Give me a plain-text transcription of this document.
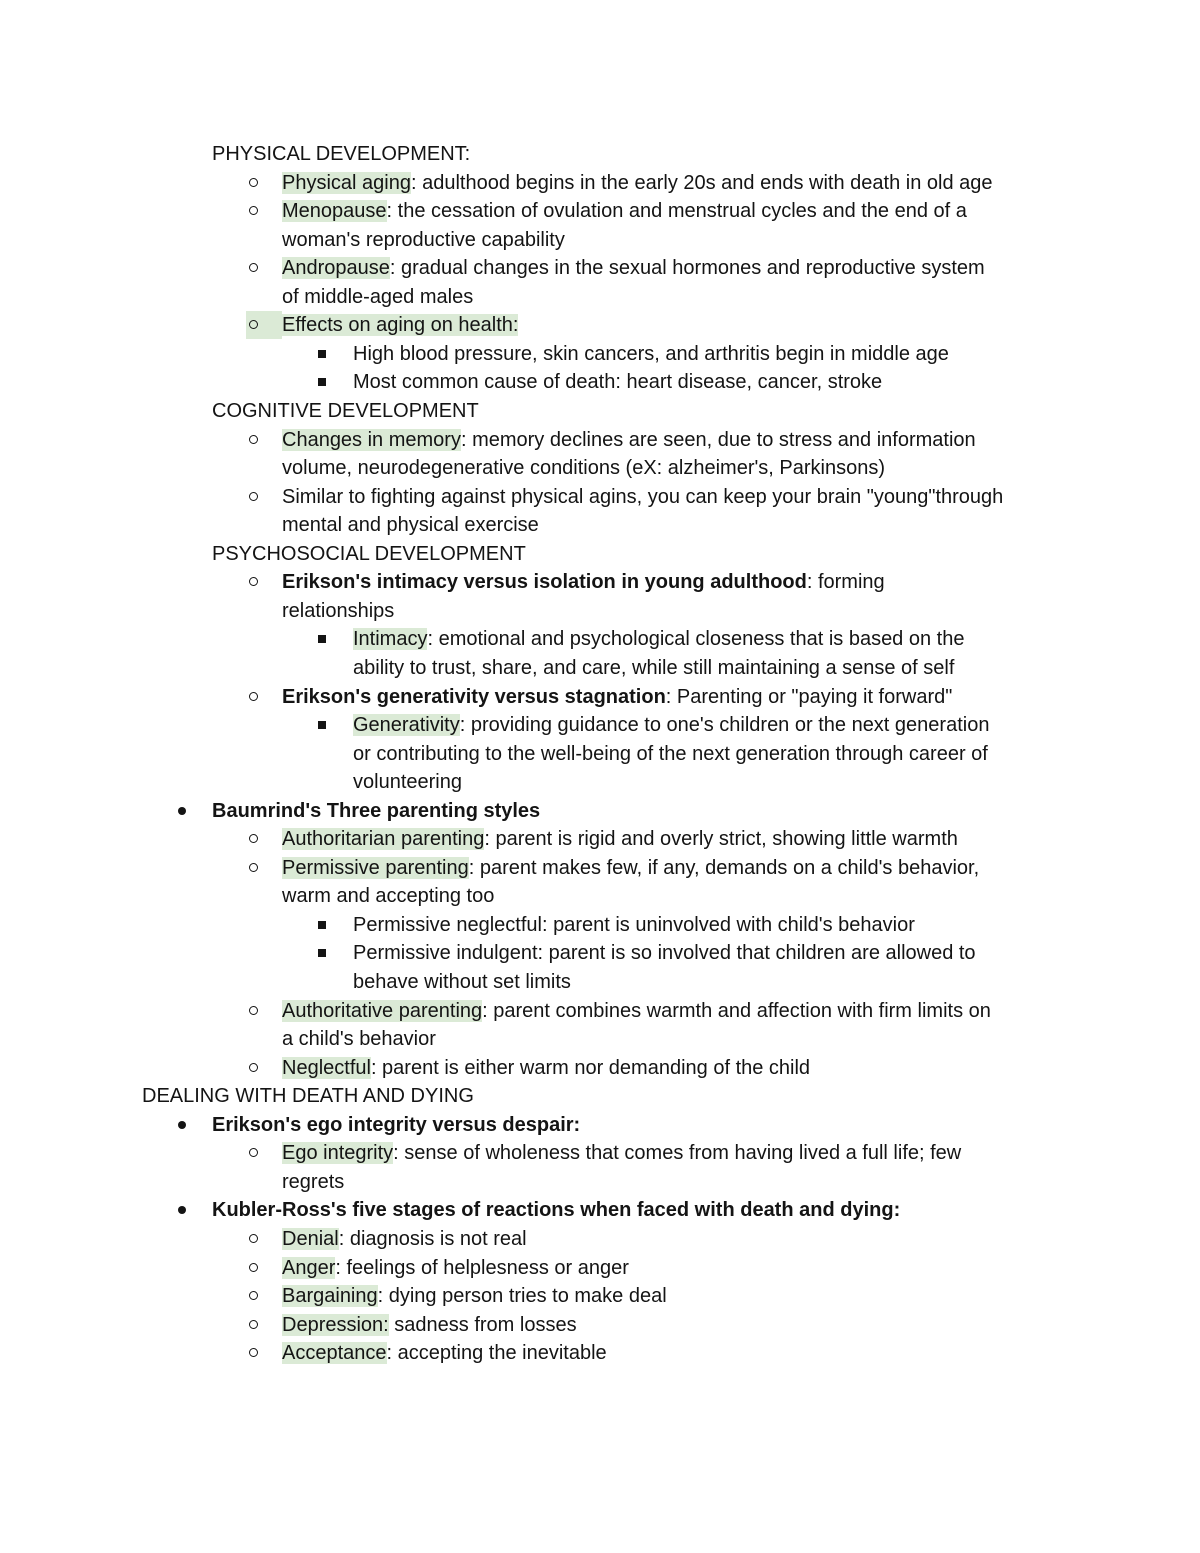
PHYSICAL DEVELOPMENT:
Physical aging: adulthood begins in the early 20s and ends with death in old age
Menopause: the cessation of ovulation and menstrual cycles and the end of a
woman's reproductive capability
Andropause: gradual changes in the sexual hormones and reproductive system
of middle-aged males
Effects on aging on health:
High blood pressure, skin cancers, and arthritis begin in middle age
Most common cause of death: heart disease, cancer, stroke
COGNITIVE DEVELOPMENT
Changes in memory: memory declines are seen, due to stress and information
volume, neurodegenerative conditions (eX: alzheimer's, Parkinsons)
Similar to fighting against physical agins, you can keep your brain "young"through
mental and physical exercise
PSYCHOSOCIAL DEVELOPMENT
Erikson's intimacy versus isolation in young adulthood: forming
relationships
Intimacy: emotional and psychological closeness that is based on the
ability to trust, share, and care, while still maintaining a sense of self
Erikson's generativity versus stagnation: Parenting or "paying it forward"
Generativity: providing guidance to one's children or the next generation
or contributing to the well-being of the next generation through career of
volunteering
Baumrind's Three parenting styles
Authoritarian parenting: parent is rigid and overly strict, showing little warmth
Permissive parenting: parent makes few, if any, demands on a child's behavior,
warm and accepting too
Permissive neglectful: parent is uninvolved with child's behavior
Permissive indulgent: parent is so involved that children are allowed to
behave without set limits
Authoritative parenting: parent combines warmth and affection with firm limits on
a child's behavior
Neglectful: parent is either warm nor demanding of the child
DEALING WITH DEATH AND DYING
Erikson's ego integrity versus despair:
Ego integrity: sense of wholeness that comes from having lived a full life; few
regrets
Kubler-Ross's five stages of reactions when faced with death and dying:
Denial: diagnosis is not real
Anger: feelings of helplesness or anger
Bargaining: dying person tries to make deal
Depression: sadness from losses
Acceptance: accepting the inevitable
